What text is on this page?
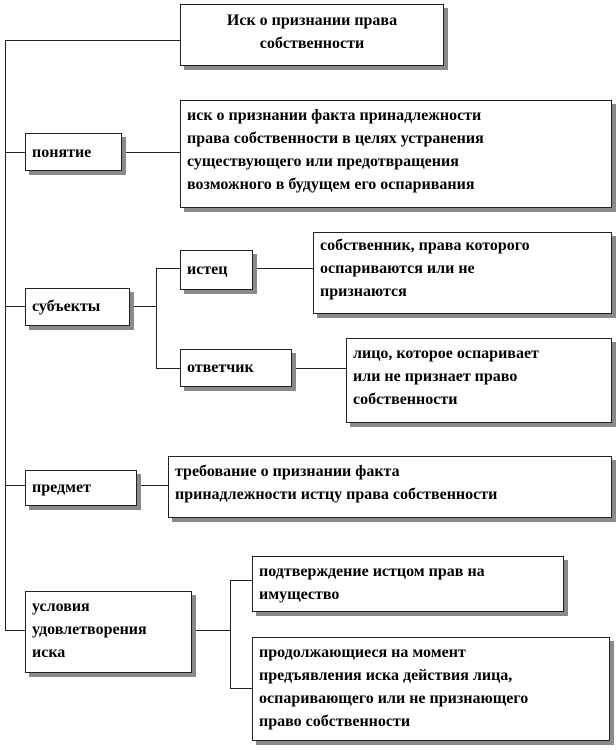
Иск о признании права
собственности
понятие
иск о признании факта принадлежности
права собственности в целях устранения
существующего или предотвращения
возможного в будущем его оспаривания
субъекты
истец
собственник, права которого
оспариваются или не
признаются
ответчик
лицо, которое оспаривает
или не признает право
собственности
предмет
требование о признании факта
принадлежности истцу права собственности
условия
удовлетворения
иска
подтверждение истцом прав на
имущество
продолжающиеся на момент
предъявления иска действия лица,
оспаривающего или не признающего
право собственности
